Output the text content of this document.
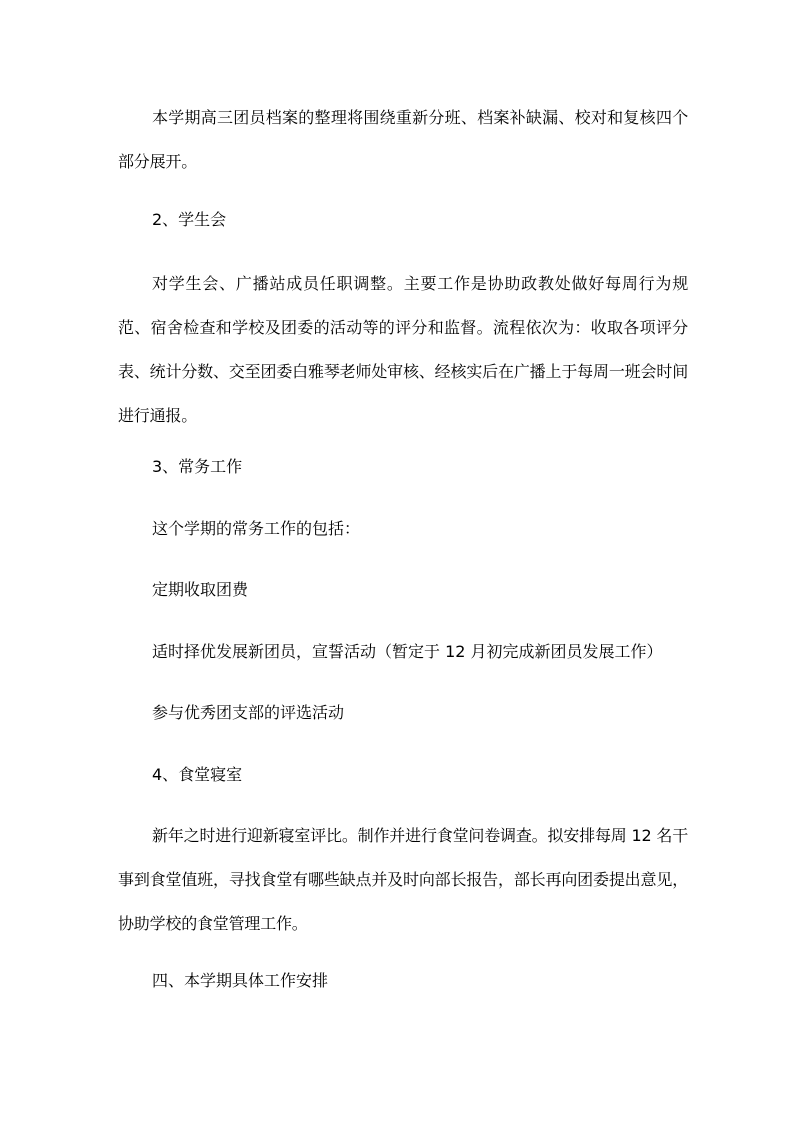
本学期高三团员档案的整理将围绕重新分班、档案补缺漏、校对和复核四个部分展开。

2、学生会

对学生会、广播站成员任职调整。主要工作是协助政教处做好每周行为规范、宿舍检查和学校及团委的活动等的评分和监督。流程依次为：收取各项评分表、统计分数、交至团委白雅琴老师处审核、经核实后在广播上于每周一班会时间进行通报。

3、常务工作

这个学期的常务工作的包括：

定期收取团费

适时择优发展新团员，宣誓活动（暂定于 12 月初完成新团员发展工作）

参与优秀团支部的评选活动

4、食堂寝室

新年之时进行迎新寝室评比。制作并进行食堂问卷调查。拟安排每周 12 名干事到食堂值班，寻找食堂有哪些缺点并及时向部长报告，部长再向团委提出意见，协助学校的食堂管理工作。

四、本学期具体工作安排
